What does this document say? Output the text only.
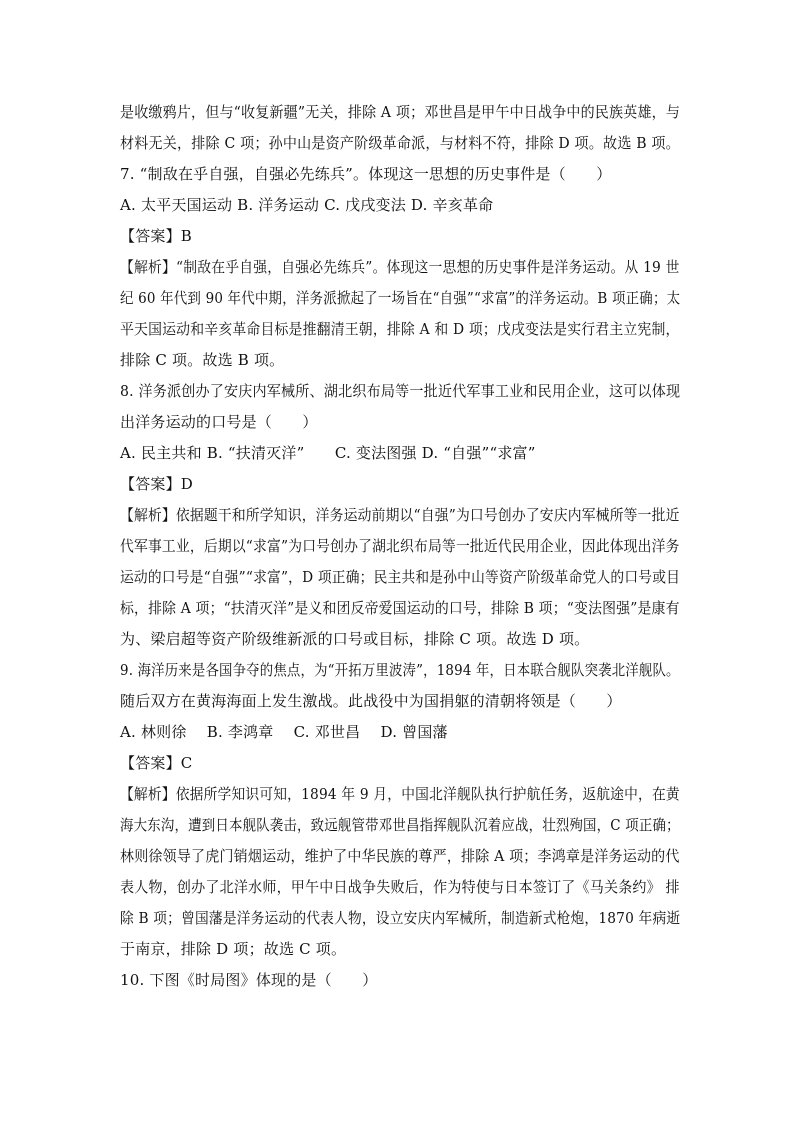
是收缴鸦片，但与“收复新疆”无关，排除 A 项；邓世昌是甲午中日战争中的民族英雄，与
材料无关，排除 C 项；孙中山是资产阶级革命派，与材料不符，排除 D 项。故选 B 项。
7. “制敌在乎自强，自强必先练兵”。体现这一思想的历史事件是（　　）
A. 太平天国运动 B. 洋务运动 C. 戊戌变法 D. 辛亥革命
【答案】B
【解析】“制敌在乎自强，自强必先练兵”。体现这一思想的历史事件是洋务运动。从 19 世
纪 60 年代到 90 年代中期，洋务派掀起了一场旨在“自强”“求富”的洋务运动。B 项正确；太
平天国运动和辛亥革命目标是推翻清王朝，排除 A 和 D 项；戊戌变法是实行君主立宪制，
排除 C 项。故选 B 项。
8. 洋务派创办了安庆内军械所、湖北织布局等一批近代军事工业和民用企业，这可以体现
出洋务运动的口号是（　　）
A. 民主共和 B. “扶清灭洋”　　C. 变法图强 D. “自强”“求富”
【答案】D
【解析】依据题干和所学知识，洋务运动前期以“自强”为口号创办了安庆内军械所等一批近
代军事工业，后期以“求富”为口号创办了湖北织布局等一批近代民用企业，因此体现出洋务
运动的口号是“自强”“求富”，D 项正确；民主共和是孙中山等资产阶级革命党人的口号或目
标，排除 A 项；“扶清灭洋”是义和团反帝爱国运动的口号，排除 B 项；“变法图强”是康有
为、梁启超等资产阶级维新派的口号或目标，排除 C 项。故选 D 项。
9. 海洋历来是各国争夺的焦点，为“开拓万里波涛”，1894 年，日本联合舰队突袭北洋舰队。
随后双方在黄海海面上发生激战。此战役中为国捐躯的清朝将领是（　　）
A. 林则徐　 B. 李鸿章　 C. 邓世昌　 D. 曾国藩
【答案】C
【解析】依据所学知识可知，1894 年 9 月，中国北洋舰队执行护航任务，返航途中，在黄
海大东沟，遭到日本舰队袭击，致远舰管带邓世昌指挥舰队沉着应战，壮烈殉国，C 项正确；
林则徐领导了虎门销烟运动，维护了中华民族的尊严，排除 A 项；李鸿章是洋务运动的代
表人物，创办了北洋水师，甲午中日战争失败后，作为特使与日本签订了《马关条约》 排
除 B 项；曾国藩是洋务运动的代表人物，设立安庆内军械所，制造新式枪炮，1870 年病逝
于南京，排除 D 项；故选 C 项。
10. 下图《时局图》体现的是（　　）
